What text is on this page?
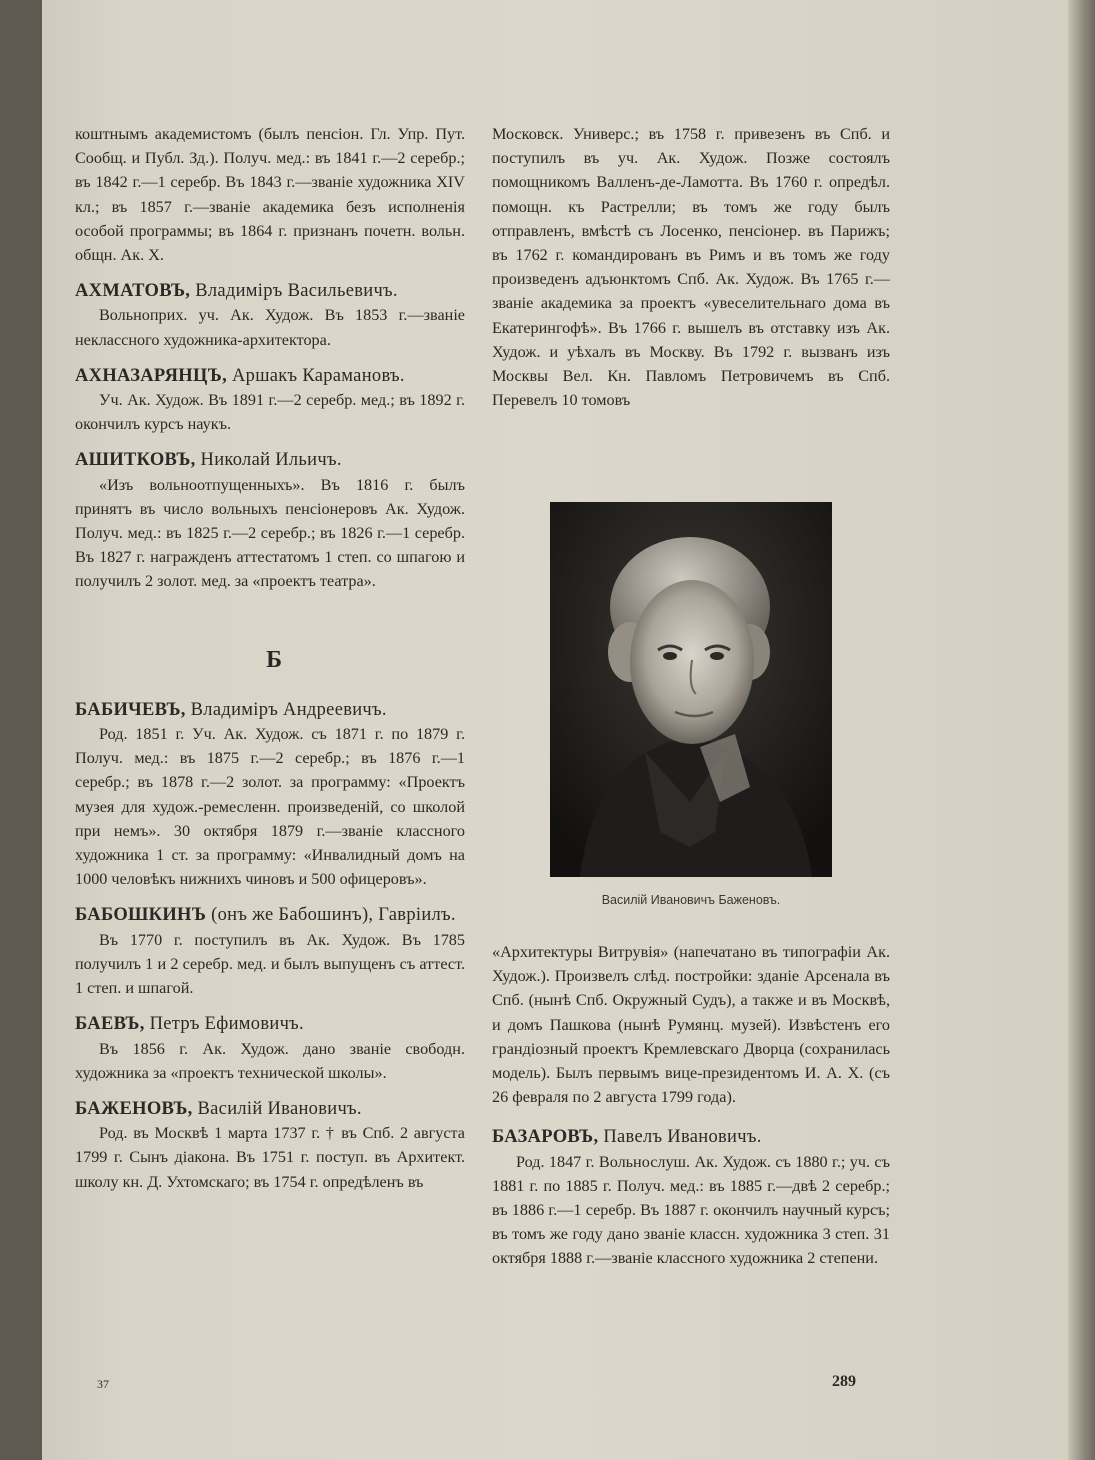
коштнымъ академистомъ (былъ пенсіон. Гл. Упр. Пут. Сообщ. и Публ. Зд.). Получ. мед.: въ 1841 г.—2 серебр.; въ 1842 г.—1 серебр. Въ 1843 г.—званіе художника XIV кл.; въ 1857 г.—званіе академика безъ исполненія особой программы; въ 1864 г. признанъ почетн. вольн. общн. Ак. Х.

АХМАТОВЪ, Владиміръ Васильевичъ.
Вольноприх. уч. Ак. Худож. Въ 1853 г.—званіе неклассного художника-архитектора.
АХНАЗАРЯНЦЪ, Аршакъ Карамановъ.
Уч. Ак. Худож. Въ 1891 г.—2 серебр. мед.; въ 1892 г. окончилъ курсъ наукъ.
АШИТКОВЪ, Николай Ильичъ.
«Изъ вольноотпущенныхъ». Въ 1816 г. былъ принятъ въ число вольныхъ пенсіонеровъ Ак. Худож. Получ. мед.: въ 1825 г.—2 серебр.; въ 1826 г.—1 серебр. Въ 1827 г. награжденъ аттестатомъ 1 степ. со шпагою и получилъ 2 золот. мед. за «проектъ театра».
Б
БАБИЧЕВЪ, Владиміръ Андреевичъ.
Род. 1851 г. Уч. Ак. Худож. съ 1871 г. по 1879 г. Получ. мед.: въ 1875 г.—2 серебр.; въ 1876 г.—1 серебр.; въ 1878 г.—2 золот. за программу: «Проектъ музея для худож.-ремесленн. произведеній, со школой при немъ». 30 октября 1879 г.—званіе классного художника 1 ст. за программу: «Инвалидный домъ на 1000 человѣкъ нижнихъ чиновъ и 500 офицеровъ».
БАБОШКИНЪ (онъ же Бабошинъ), Гавріилъ.
Въ 1770 г. поступилъ въ Ак. Худож. Въ 1785 получилъ 1 и 2 серебр. мед. и былъ выпущенъ съ аттест. 1 степ. и шпагой.
БАЕВЪ, Петръ Ефимовичъ.
Въ 1856 г. Ак. Худож. дано званіе свободн. художника за «проектъ технической школы».
БАЖЕНОВЪ, Василій Ивановичъ.
Род. въ Москвѣ 1 марта 1737 г. † въ Спб. 2 августа 1799 г. Сынъ діакона. Въ 1751 г. поступ. въ Архитект. школу кн. Д. Ухтомскаго; въ 1754 г. опредѣленъ въ

Московск. Универс.; въ 1758 г. привезенъ въ Спб. и поступилъ въ уч. Ак. Худож. Позже состоялъ помощникомъ Валленъ-де-Ламотта. Въ 1760 г. опредѣл. помощн. къ Растрелли; въ томъ же году былъ отправленъ, вмѣстѣ съ Лосенко, пенсіонер. въ Парижъ; въ 1762 г. командированъ въ Римъ и въ томъ же году произведенъ адъюнктомъ Спб. Ак. Худож. Въ 1765 г.—званіе академика за проектъ «увеселительнаго дома въ Екатерингофѣ». Въ 1766 г. вышелъ въ отставку изъ Ак. Худож. и уѣхалъ въ Москву. Въ 1792 г. вызванъ изъ Москвы Вел. Кн. Павломъ Петровичемъ въ Спб. Перевелъ 10 томовъ

Василій Ивановичъ Баженовъ.

«Архитектуры Витрувія» (напечатано въ типографіи Ак. Худож.). Произвелъ слѣд. постройки: зданіе Арсенала въ Спб. (нынѣ Спб. Окружный Судъ), а также и въ Москвѣ, и домъ Пашкова (нынѣ Румянц. музей). Извѣстенъ его грандіозный проектъ Кремлевскаго Дворца (сохранилась модель). Былъ первымъ вице-президентомъ И. А. Х. (съ 26 февраля по 2 августа 1799 года).

БАЗАРОВЪ, Павелъ Ивановичъ.
Род. 1847 г. Вольнослуш. Ак. Худож. съ 1880 г.; уч. съ 1881 г. по 1885 г. Получ. мед.: въ 1885 г.—двѣ 2 серебр.; въ 1886 г.—1 серебр. Въ 1887 г. окончилъ научный курсъ; въ томъ же году дано званіе классн. художника 3 степ. 31 октября 1888 г.—званіе классного художника 2 степени.
37	289
